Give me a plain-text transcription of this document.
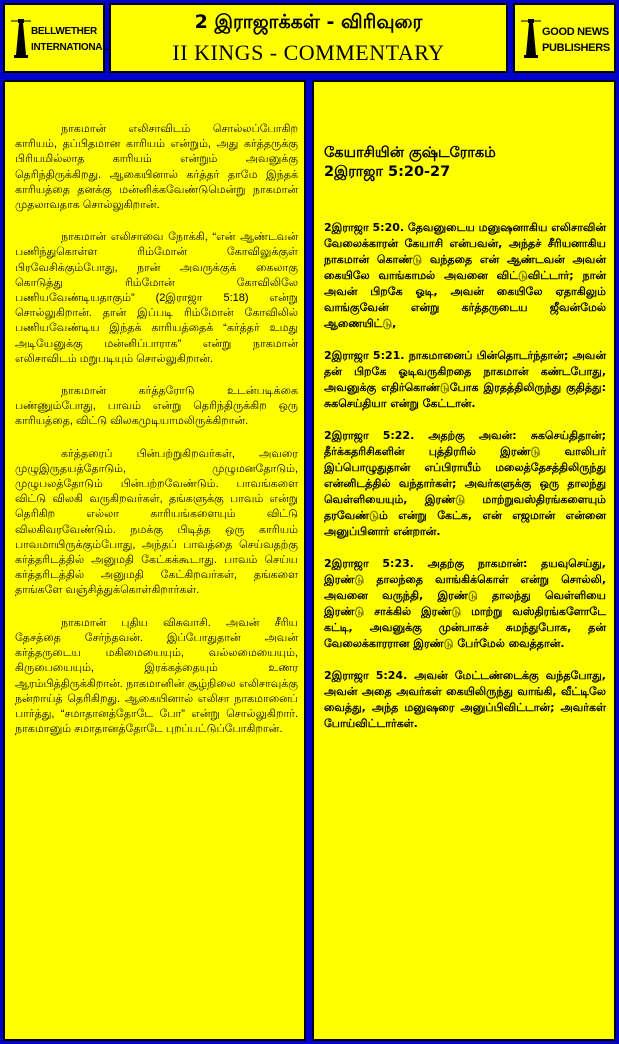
BELLWETHER
INTERNATIONAL
2 இராஜாக்கள் - விரிவுரை
II KINGS - COMMENTARY
GOOD NEWS
PUBLISHERS

நாகமான் எலிசாவிடம் சொல்லப்போகிற காரியம், தப்பிதமான காரியம் என்றும், அது கர்த்தருக்கு பிரியமில்லாத காரியம் என்றும் அவனுக்கு தெரிந்திருக்கிறது. ஆகையினால் கர்த்தர் தாமே இந்தக் காரியத்தை தனக்கு மன்னிக்கவேண்டுமென்று நாகமான் முதலாவதாக சொல்லுகிறான்.

நாகமான் எலிசாவை நோக்கி, “என் ஆண்டவன் பணிந்துகொள்ள ரிம்மோன் கோவிலுக்குள் பிரவேசிக்கும்போது, நான் அவருக்குக் கைலாகு கொடுத்து ரிம்மோன் கோவிலிலே பணியவேண்டியதாகும்” (2இராஜா 5:18) என்று சொல்லுகிறான். தான் இப்படி ரிம்மோன் கோவிலில் பணியவேண்டிய இந்தக் காரியத்தைக் “கர்த்தர் உமது அடியேனுக்கு மன்னிப்பாராக” என்று நாகமான் எலிசாவிடம் மறுபடியும் சொல்லுகிறான்.

நாகமான் கர்த்தரோடு உடன்படிக்கை பண்ணும்போது, பாவம் என்று தெரிந்திருக்கிற ஒரு காரியத்தை, விட்டு விலகமுடியாமலிருக்கிறான்.

கர்த்தரைப் பின்பற்றுகிறவர்கள், அவரை முழுஇருதயத்தோடும், முழுமனதோடும், முழுபலத்தோடும் பின்பற்றவேண்டும். பாவங்களை விட்டு விலகி வருகிறவர்கள், தங்களுக்கு பாவம் என்று தெரிகிற எல்லா காரியங்களையும் விட்டு விலகிவரவேண்டும். நமக்கு பிடித்த ஒரு காரியம் பாவமாயிருக்கும்போது, அந்தப் பாவத்தை செய்வதற்கு கர்த்தரிடத்தில் அனுமதி கேட்கக்கூடாது. பாவம் செய்ய கர்த்தரிடத்தில் அனுமதி கேட்கிறவர்கள், தங்களை தாங்களே வஞ்சித்துக்கொள்கிறார்கள்.

நாகமான் புதிய விசுவாசி. அவன் சீரிய தேசத்தை சேர்ந்தவன். இப்போதுதான் அவன் கர்த்தருடைய மகிமையையும், வல்லமையையும், கிருபையையும், இரக்கத்தையும் உணர ஆரம்பித்திருக்கிறான். நாகமானின் சூழ்நிலை எலிசாவுக்கு நன்றாய்த் தெரிகிறது. ஆகையினால் எலிசா நாகமானைப் பார்த்து, “சமாதானத்தோடே போ” என்று சொல்லுகிறார். நாகமானும் சமாதானத்தோடே புறப்பட்டுப்போகிறான்.

கேயாசியின் குஷ்டரோகம்
2இராஜா 5:20-27

2இராஜா 5:20. தேவனுடைய மனுஷனாகிய எலிசாவின் வேலைக்காரன் கேயாசி என்பவன், அந்தச் சீரியனாகிய நாகமான் கொண்டு வந்ததை என் ஆண்டவன் அவன் கையிலே வாங்காமல் அவனை விட்டுவிட்டார்; நான் அவன் பிறகே ஓடி, அவன் கையிலே ஏதாகிலும் வாங்குவேன் என்று கர்த்தருடைய ஜீவன்மேல் ஆணையிட்டு,

2இராஜா 5:21. நாகமானைப் பின்தொடர்ந்தான்; அவன் தன் பிறகே ஓடிவருகிறதை நாகமான் கண்டபோது, அவனுக்கு எதிர்கொண்டுபோக இரதத்திலிருந்து குதித்து: சுகசெய்தியா என்று கேட்டான்.

2இராஜா 5:22. அதற்கு அவன்: சுகசெய்திதான்; தீர்க்கதரிசிகளின் புத்திரரில் இரண்டு வாலிபர் இப்பொழுதுதான் எப்பிராயீம் மலைத்தேசத்திலிருந்து என்னிடத்தில் வந்தார்கள்; அவர்களுக்கு ஒரு தாலந்து வெள்ளியையும், இரண்டு மாற்றுவஸ்திரங்களையும் தரவேண்டும் என்று கேட்க, என் எஜமான் என்னை அனுப்பினார் என்றான்.

2இராஜா 5:23. அதற்கு நாகமான்: தயவுசெய்து, இரண்டு தாலந்தை வாங்கிக்கொள் என்று சொல்லி, அவனை வருந்தி, இரண்டு தாலந்து வெள்ளியை இரண்டு சாக்கில் இரண்டு மாற்று வஸ்திரங்களோடே கட்டி, அவனுக்கு முன்பாகச் சுமந்துபோக, தன் வேலைக்காரரான இரண்டு பேர்மேல் வைத்தான்.

2இராஜா 5:24. அவன் மேட்டண்டைக்கு வந்தபோது, அவன் அதை அவர்கள் கையிலிருந்து வாங்கி, வீட்டிலே வைத்து, அந்த மனுஷரை அனுப்பிவிட்டான்; அவர்கள் போய்விட்டார்கள்.
